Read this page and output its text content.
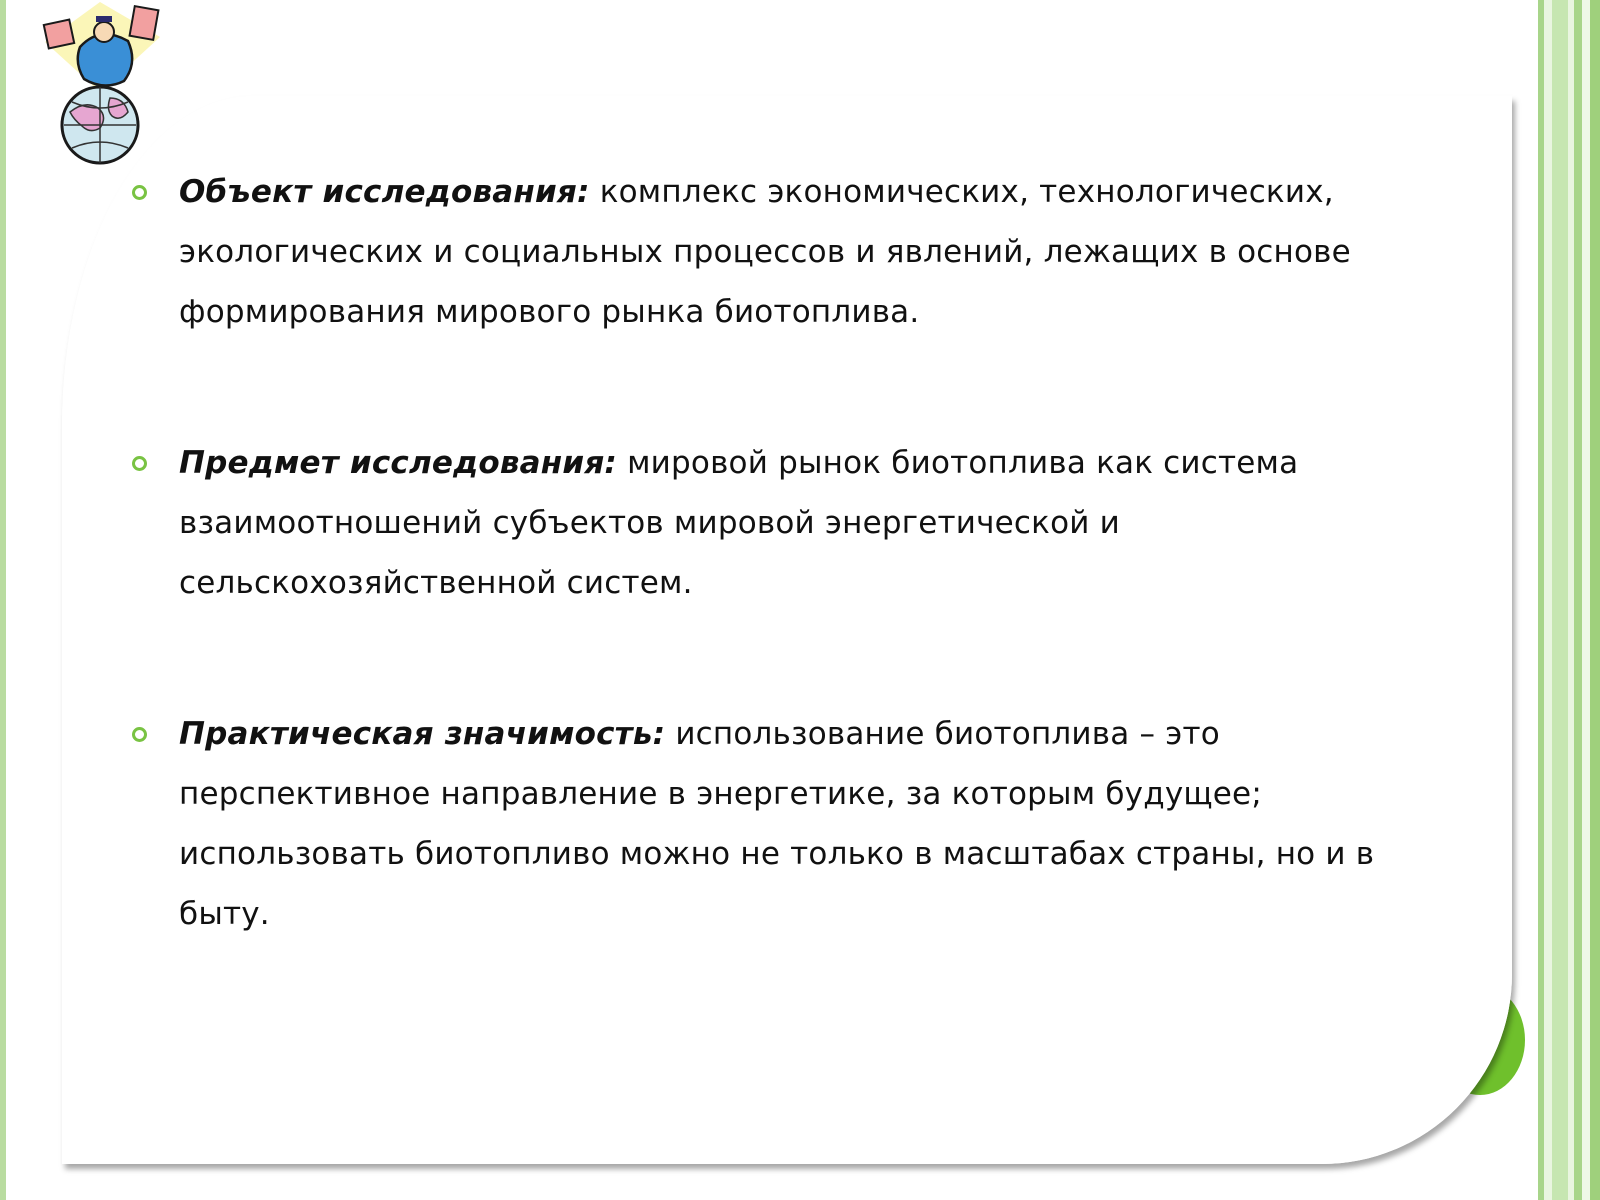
Объект исследования: комплекс экономических, технологических, экологических и социальных процессов и явлений, лежащих в основе формирования мирового рынка биотоплива.
Предмет исследования: мировой рынок биотоплива как система взаимоотношений субъектов мировой энергетической и сельскохозяйственной систем.
Практическая значимость: использование биотоплива – это перспективное направление в энергетике, за которым будущее; использовать биотопливо можно не только в масштабах страны, но и в быту.
